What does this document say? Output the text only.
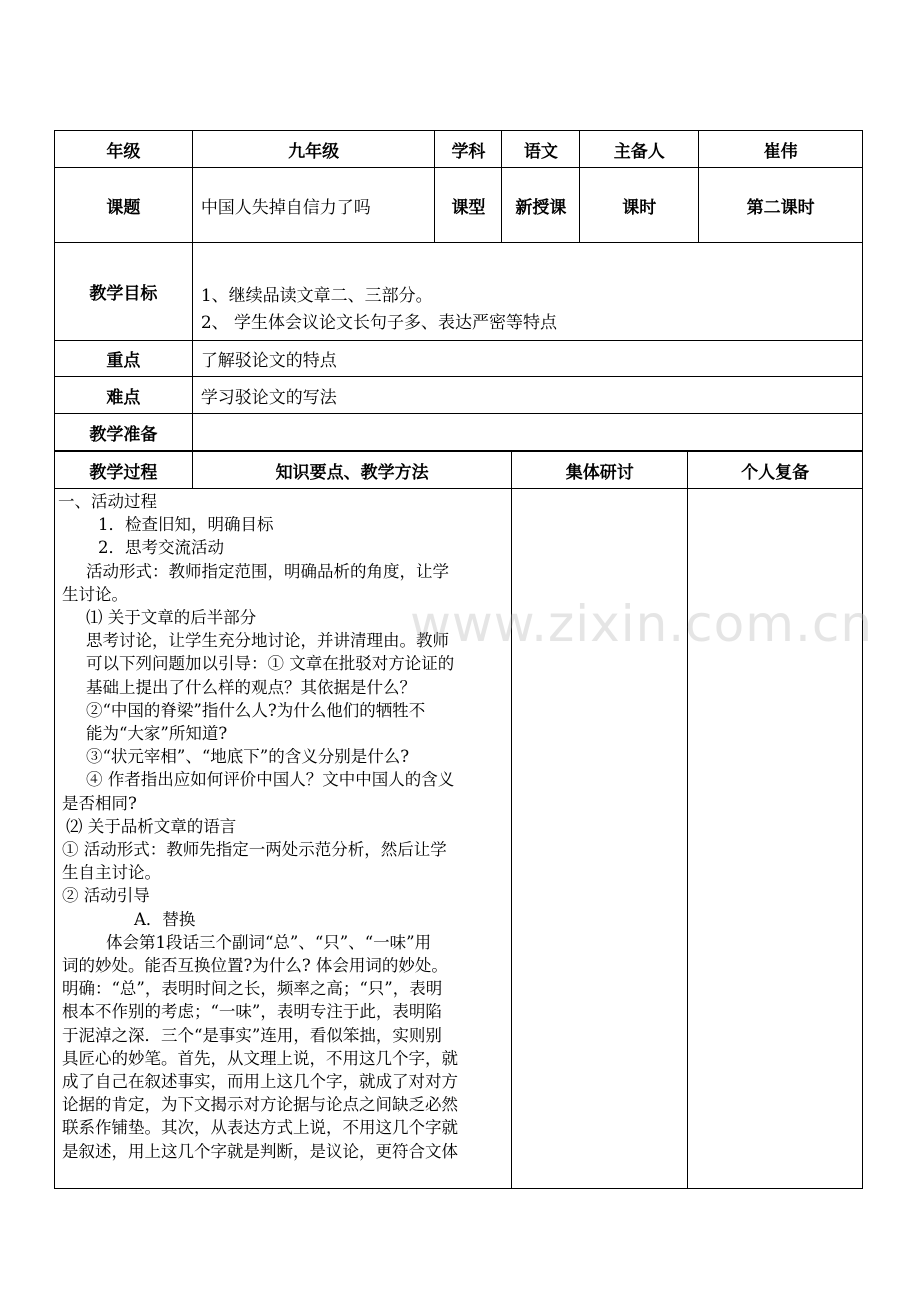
年级	九年级	学科	语文	主备人	崔伟
课题	中国人失掉自信力了吗	课型	新授课	课时	第二课时
教学目标	1、继续品读文章二、三部分。
2、 学生体会议论文长句子多、表达严密等特点				

重点	了解驳论文的特点				
难点	学习驳论文的写法				
教学准备					
教学过程	知识要点、教学方法	集体研讨	个人复备

一、活动过程
1．检查旧知，明确目标
2．思考交流活动
活动形式：教师指定范围，明确品析的角度，让学
生讨论。
⑴ 关于文章的后半部分
思考讨论，让学生充分地讨论，并讲清理由。教师
可以下列问题加以引导：① 文章在批驳对方论证的
基础上提出了什么样的观点？其依据是什么？
②“中国的脊梁”指什么人?为什么他们的牺牲不
能为“大家”所知道?
③“状元宰相”、“地底下”的含义分别是什么?
④ 作者指出应如何评价中国人？文中中国人的含义
是否相同?
⑵ 关于品析文章的语言
① 活动形式：教师先指定一两处示范分析，然后让学
生自主讨论。
② 活动引导
A．替换
体会第1段话三个副词“总”、“只”、“一味”用
词的妙处。能否互换位置?为什么? 体会用词的妙处。
明确：“总”，表明时间之长，频率之高；“只”，表明
根本不作别的考虑；“一味”，表明专注于此，表明陷
于泥淖之深．三个“是事实”连用，看似笨拙，实则别
具匠心的妙笔。首先，从文理上说，不用这几个字，就
成了自己在叙述事实，而用上这几个字，就成了对对方
论据的肯定，为下文揭示对方论据与论点之间缺乏必然
联系作铺垫。其次，从表达方式上说，不用这几个字就
是叙述，用上这几个字就是判断，是议论，更符合文体
www.zixin.com.cn
